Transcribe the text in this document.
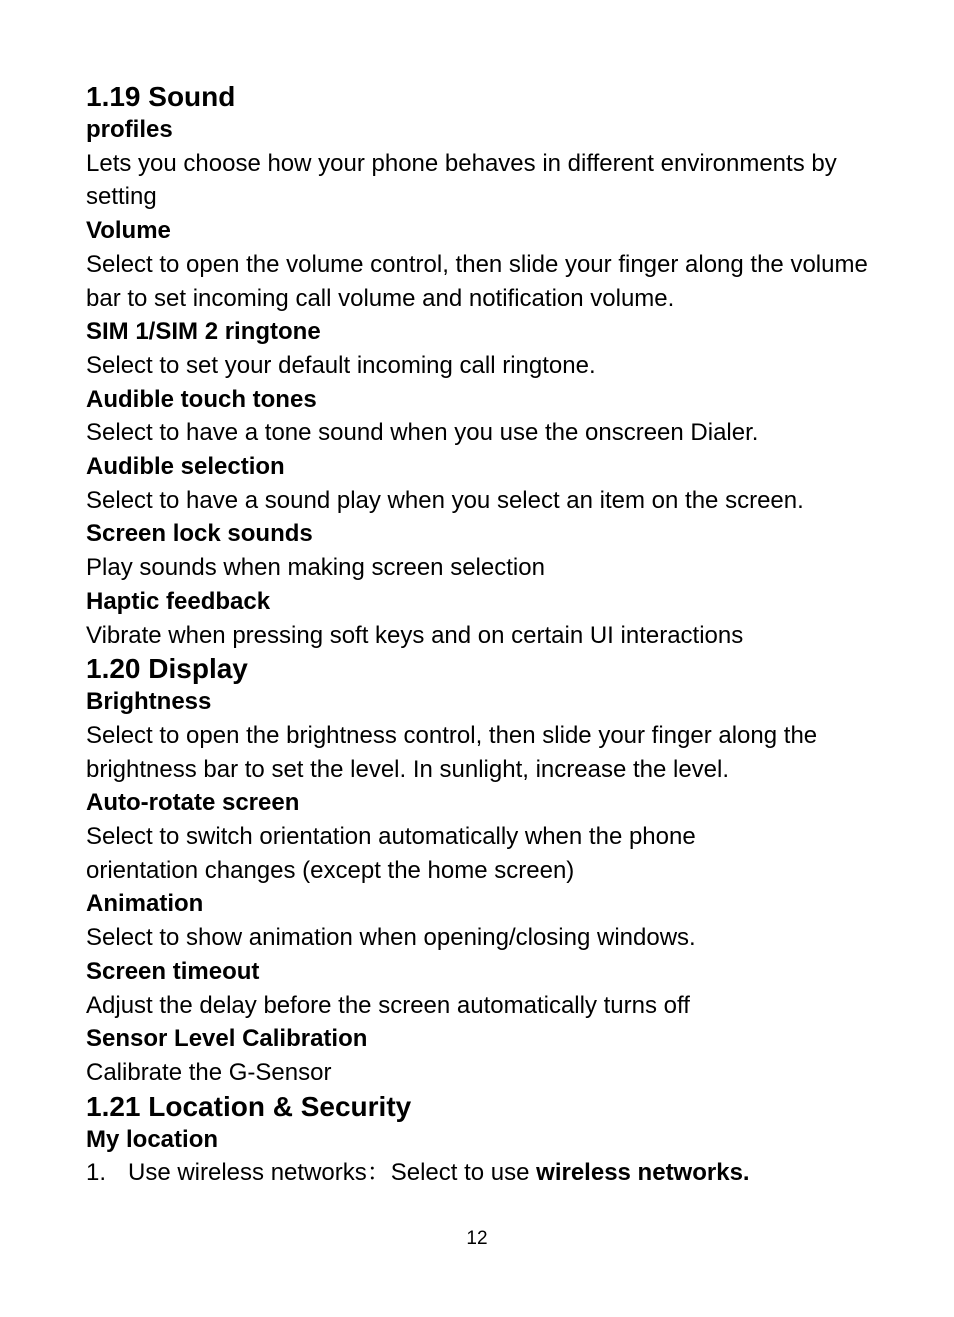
1.19 Sound
profiles
Lets you choose how your phone behaves in different environments by setting
Volume
Select to open the volume control, then slide your finger along the volume bar to set incoming call volume and notification volume.
SIM 1/SIM 2 ringtone
Select to set your default incoming call ringtone.
Audible touch tones
Select to have a tone sound when you use the onscreen Dialer.
Audible selection
Select to have a sound play when you select an item on the screen.
Screen lock sounds
Play sounds when making screen selection
Haptic feedback
Vibrate when pressing soft keys and on certain UI interactions
1.20 Display
Brightness
Select to open the brightness control, then slide your finger along the brightness bar to set the level. In sunlight, increase the level.
Auto-rotate screen
Select to switch orientation automatically when the phone orientation changes (except the home screen)
Animation
Select to show animation when opening/closing windows.
Screen timeout
Adjust the delay before the screen automatically turns off
Sensor Level Calibration
Calibrate the G-Sensor
1.21 Location & Security
My location
1. Use wireless networks：Select to use wireless networks.
12
